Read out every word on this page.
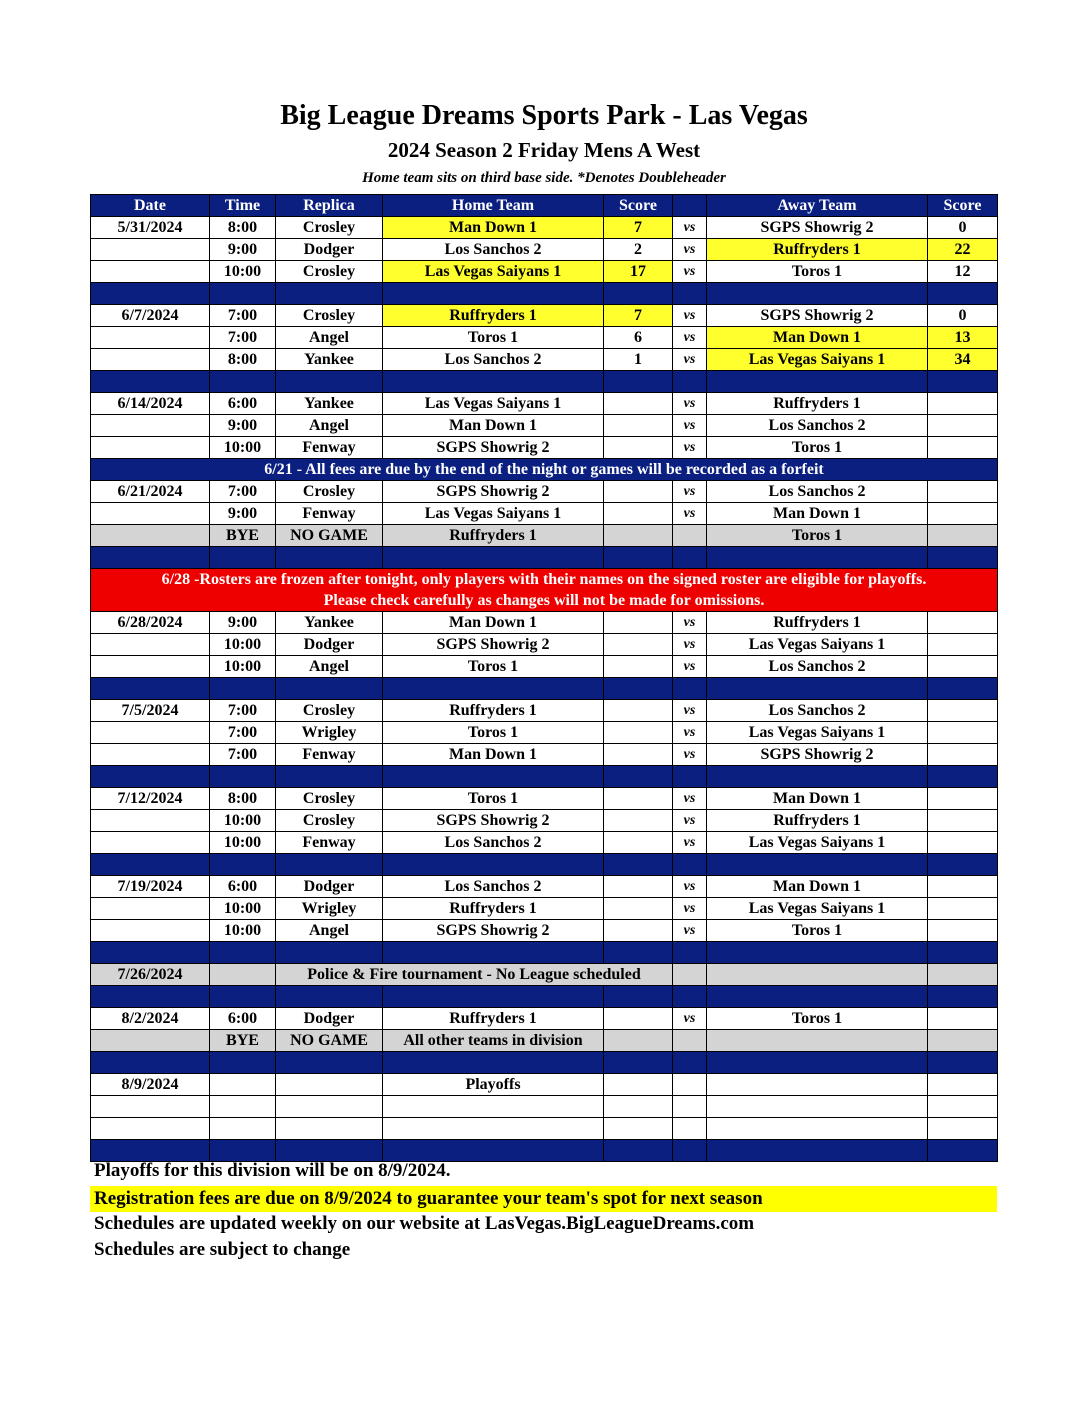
Big League Dreams Sports Park - Las Vegas
2024 Season 2 Friday Mens A West
Home team sits on third base side. *Denotes Doubleheader
Date	Time	Replica	Home Team	Score		Away Team	Score
5/31/2024	8:00	Crosley	Man Down 1	7	vs	SGPS Showrig 2	0
	9:00	Dodger	Los Sanchos 2	2	vs	Ruffryders 1	22
	10:00	Crosley	Las Vegas Saiyans 1	17	vs	Toros 1	12

6/7/2024	7:00	Crosley	Ruffryders 1	7	vs	SGPS Showrig 2	0
	7:00	Angel	Toros 1	6	vs	Man Down 1	13
	8:00	Yankee	Los Sanchos 2	1	vs	Las Vegas Saiyans 1	34

6/14/2024	6:00	Yankee	Las Vegas Saiyans 1		vs	Ruffryders 1	
	9:00	Angel	Man Down 1		vs	Los Sanchos 2	
	10:00	Fenway	SGPS Showrig 2		vs	Toros 1	
6/21 - All fees are due by the end of the night or games will be recorded as a forfeit							
6/21/2024	7:00	Crosley	SGPS Showrig 2		vs	Los Sanchos 2	
	9:00	Fenway	Las Vegas Saiyans 1		vs	Man Down 1	
	BYE	NO GAME	Ruffryders 1			Toros 1	

6/28 -Rosters are frozen after tonight, only players with their names on the signed roster are eligible for playoffs.
Please check carefully as changes will not be made for omissions.							

6/28/2024	9:00	Yankee	Man Down 1		vs	Ruffryders 1	
	10:00	Dodger	SGPS Showrig 2		vs	Las Vegas Saiyans 1	
	10:00	Angel	Toros 1		vs	Los Sanchos 2	

7/5/2024	7:00	Crosley	Ruffryders 1		vs	Los Sanchos 2	
	7:00	Wrigley	Toros 1		vs	Las Vegas Saiyans 1	
	7:00	Fenway	Man Down 1		vs	SGPS Showrig 2	

7/12/2024	8:00	Crosley	Toros 1		vs	Man Down 1	
	10:00	Crosley	SGPS Showrig 2		vs	Ruffryders 1	
	10:00	Fenway	Los Sanchos 2		vs	Las Vegas Saiyans 1	

7/19/2024	6:00	Dodger	Los Sanchos 2		vs	Man Down 1	
	10:00	Wrigley	Ruffryders 1		vs	Las Vegas Saiyans 1	
	10:00	Angel	SGPS Showrig 2		vs	Toros 1	

7/26/2024		Police & Fire tournament - No League scheduled					

8/2/2024	6:00	Dodger	Ruffryders 1		vs	Toros 1	
	BYE	NO GAME	All other teams in division				

8/9/2024			Playoffs				

Playoffs for this division will be on 8/9/2024.
Registration fees are due on 8/9/2024 to guarantee your team's spot for next season
Schedules are updated weekly on our website at LasVegas.BigLeagueDreams.com
Schedules are subject to change
